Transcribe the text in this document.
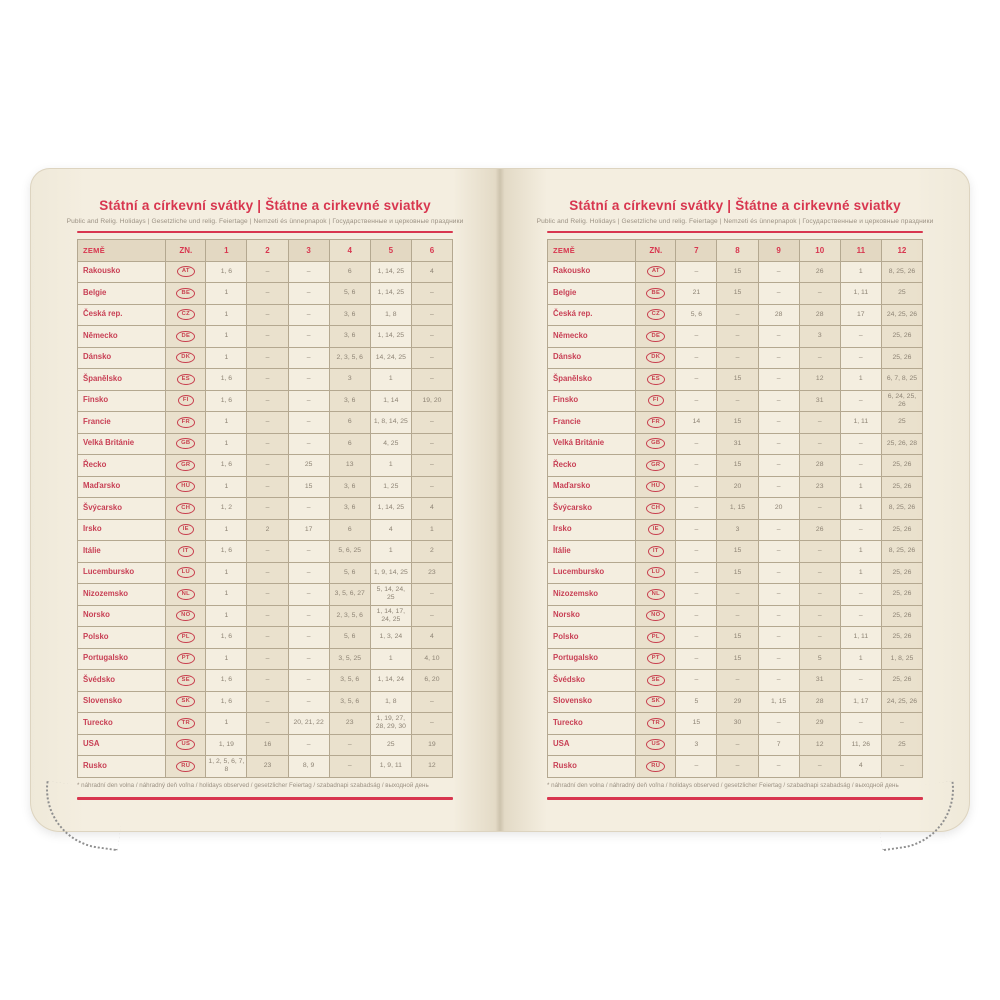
Státní a církevní svátky | Štátne a cirkevné sviatky
Public and Relig. Holidays | Gesetzliche und relig. Feiertage | Nemzeti és ünnepnapok | Государственные и церковные праздники
ZEMĚ	ZN.	1	2	3	4	5	6
Rakousko	AT	1, 6	–	–	6	1, 14, 25	4
Belgie	BE	1	–	–	5, 6	1, 14, 25	–
Česká rep.	CZ	1	–	–	3, 6	1, 8	–
Německo	DE	1	–	–	3, 6	1, 14, 25	–
Dánsko	DK	1	–	–	2, 3, 5, 6	14, 24, 25	–
Španělsko	ES	1, 6	–	–	3	1	–
Finsko	FI	1, 6	–	–	3, 6	1, 14	19, 20
Francie	FR	1	–	–	6	1, 8, 14, 25	–
Velká Británie	GB	1	–	–	6	4, 25	–
Řecko	GR	1, 6	–	25	13	1	–
Maďarsko	HU	1	–	15	3, 6	1, 25	–
Švýcarsko	CH	1, 2	–	–	3, 6	1, 14, 25	4
Irsko	IE	1	2	17	6	4	1
Itálie	IT	1, 6	–	–	5, 6, 25	1	2
Lucembursko	LU	1	–	–	5, 6	1, 9, 14, 25	23
Nizozemsko	NL	1	–	–	3, 5, 6, 27	5, 14, 24, 25	–
Norsko	NO	1	–	–	2, 3, 5, 6	1, 14, 17, 24, 25	–
Polsko	PL	1, 6	–	–	5, 6	1, 3, 24	4
Portugalsko	PT	1	–	–	3, 5, 25	1	4, 10
Švédsko	SE	1, 6	–	–	3, 5, 6	1, 14, 24	6, 20
Slovensko	SK	1, 6	–	–	3, 5, 6	1, 8	–
Turecko	TR	1	–	20, 21, 22	23	1, 19, 27, 28, 29, 30	–
USA	US	1, 19	16	–	–	25	19
Rusko	RU	1, 2, 5, 6, 7, 8	23	8, 9	–	1, 9, 11	12
* náhradní den volna / náhradný deň voľna / holidays observed / gesetzlicher Feiertag / szabadnapi szabadság / выходной день
Státní a církevní svátky | Štátne a cirkevné sviatky
Public and Relig. Holidays | Gesetzliche und relig. Feiertage | Nemzeti és ünnepnapok | Государственные и церковные праздники
ZEMĚ	ZN.	7	8	9	10	11	12
Rakousko	AT	–	15	–	26	1	8, 25, 26
Belgie	BE	21	15	–	–	1, 11	25
Česká rep.	CZ	5, 6	–	28	28	17	24, 25, 26
Německo	DE	–	–	–	3	–	25, 26
Dánsko	DK	–	–	–	–	–	25, 26
Španělsko	ES	–	15	–	12	1	6, 7, 8, 25
Finsko	FI	–	–	–	31	–	6, 24, 25, 26
Francie	FR	14	15	–	–	1, 11	25
Velká Británie	GB	–	31	–	–	–	25, 26, 28
Řecko	GR	–	15	–	28	–	25, 26
Maďarsko	HU	–	20	–	23	1	25, 26
Švýcarsko	CH	–	1, 15	20	–	1	8, 25, 26
Irsko	IE	–	3	–	26	–	25, 26
Itálie	IT	–	15	–	–	1	8, 25, 26
Lucembursko	LU	–	15	–	–	1	25, 26
Nizozemsko	NL	–	–	–	–	–	25, 26
Norsko	NO	–	–	–	–	–	25, 26
Polsko	PL	–	15	–	–	1, 11	25, 26
Portugalsko	PT	–	15	–	5	1	1, 8, 25
Švédsko	SE	–	–	–	31	–	25, 26
Slovensko	SK	5	29	1, 15	28	1, 17	24, 25, 26
Turecko	TR	15	30	–	29	–	–
USA	US	3	–	7	12	11, 26	25
Rusko	RU	–	–	–	–	4	–
* náhradní den volna / náhradný deň voľna / holidays observed / gesetzlicher Feiertag / szabadnapi szabadság / выходной день
